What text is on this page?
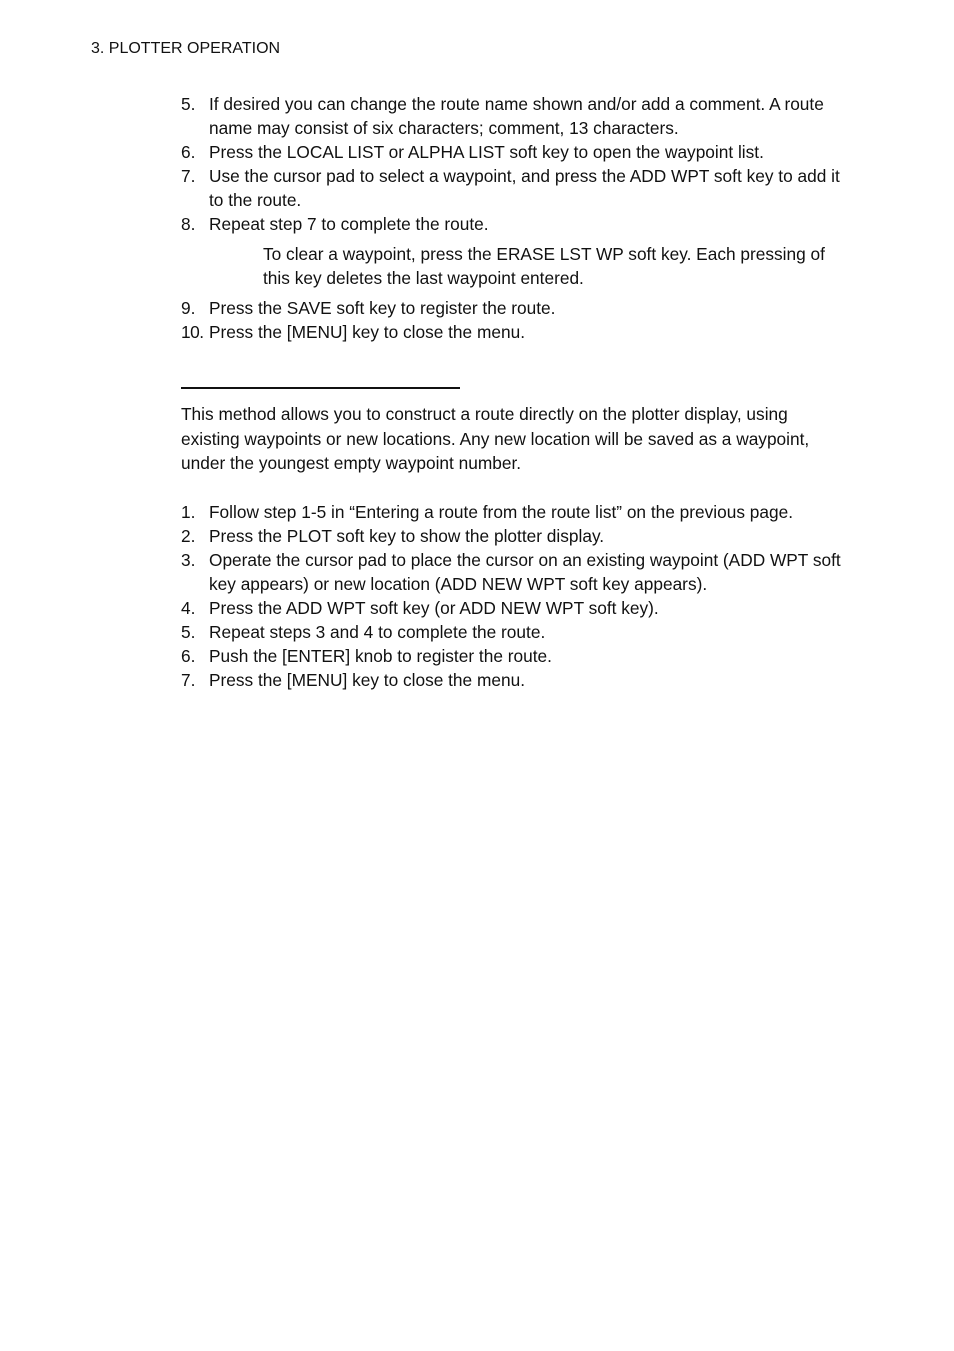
3. PLOTTER OPERATION
5. If desired you can change the route name shown and/or add a comment. A route name may consist of six characters; comment, 13 characters.
6. Press the LOCAL LIST or ALPHA LIST soft key to open the waypoint list.
7. Use the cursor pad to select a waypoint, and press the ADD WPT soft key to add it to the route.
8. Repeat step 7 to complete the route.
To clear a waypoint, press the ERASE LST WP soft key. Each pressing of this key deletes the last waypoint entered.
9. Press the SAVE soft key to register the route.
10. Press the [MENU] key to close the menu.

This method allows you to construct a route directly on the plotter display, using existing waypoints or new locations. Any new location will be saved as a waypoint, under the youngest empty waypoint number.

1. Follow step 1-5 in “Entering a route from the route list” on the previous page.
2. Press the PLOT soft key to show the plotter display.
3. Operate the cursor pad to place the cursor on an existing waypoint (ADD WPT soft key appears) or new location (ADD NEW WPT soft key appears).
4. Press the ADD WPT soft key (or ADD NEW WPT soft key).
5. Repeat steps 3 and 4 to complete the route.
6. Push the [ENTER] knob to register the route.
7. Press the [MENU] key to close the menu.
